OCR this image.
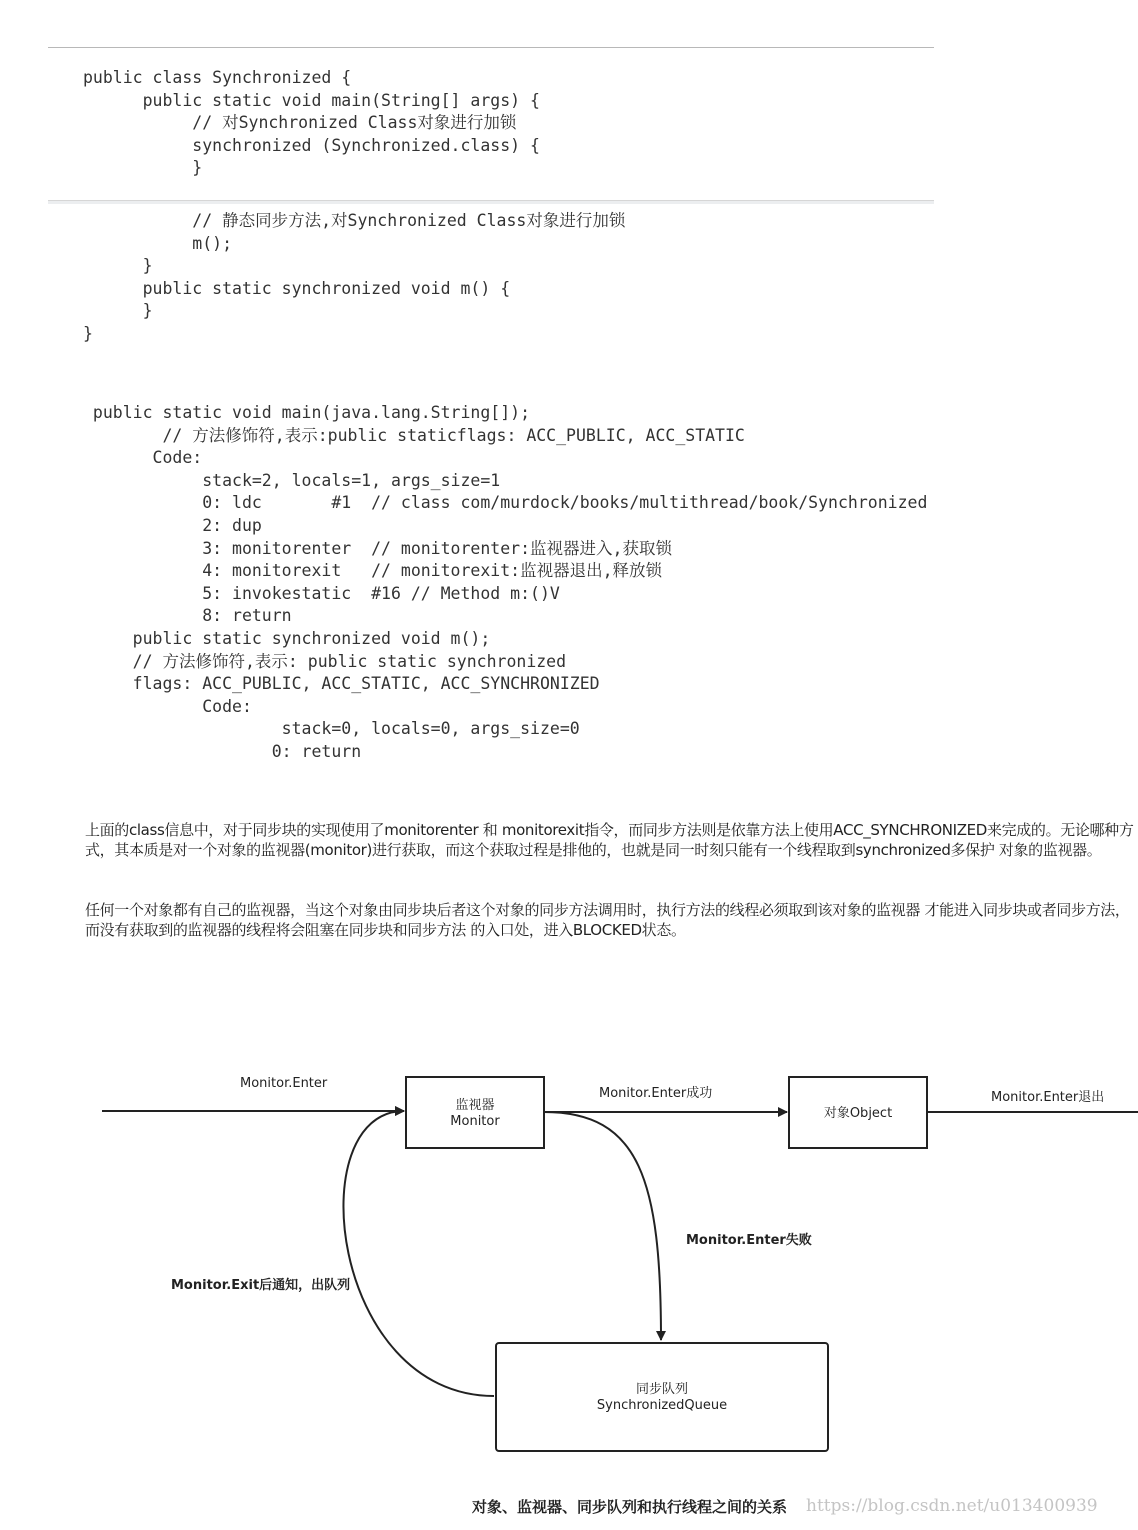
public class Synchronized {
public static void main(String[] args) {
// 对Synchronized Class对象进行加锁
synchronized (Synchronized.class) {
}
// 静态同步方法,对Synchronized Class对象进行加锁
m();
}
public static synchronized void m() {
}
}
public static void main(java.lang.String[]);
// 方法修饰符,表示:public staticflags: ACC_PUBLIC, ACC_STATIC
Code:
stack=2, locals=1, args_size=1
0: ldc       #1  // class com/murdock/books/multithread/book/Synchronized
2: dup
3: monitorenter  // monitorenter:监视器进入,获取锁
4: monitorexit   // monitorexit:监视器退出,释放锁
5: invokestatic  #16 // Method m:()V
8: return
public static synchronized void m();
// 方法修饰符,表示: public static synchronized
flags: ACC_PUBLIC, ACC_STATIC, ACC_SYNCHRONIZED
Code:
stack=0, locals=0, args_size=0
0: return
上面的class信息中，对于同步块的实现使用了monitorenter 和 monitorexit指令，而同步方法则是依靠方法上使用ACC_SYNCHRONIZED来完成的。无论哪种方式，其本质是对一个对象的监视器(monitor)进行获取，而这个获取过程是排他的，也就是同一时刻只能有一个线程取到synchronized多保护 对象的监视器。
任何一个对象都有自己的监视器，当这个对象由同步块后者这个对象的同步方法调用时，执行方法的线程必须取到该对象的监视器 才能进入同步块或者同步方法，而没有获取到的监视器的线程将会阻塞在同步块和同步方法 的入口处，进入BLOCKED状态。
Monitor.Enter
监视器
Monitor
Monitor.Enter成功
对象Object
Monitor.Enter退出
Monitor.Enter失败
同步队列
SynchronizedQueue
Monitor.Exit后通知，出队列
对象、监视器、同步队列和执行线程之间的关系 https://blog.csdn.net/u013400939
